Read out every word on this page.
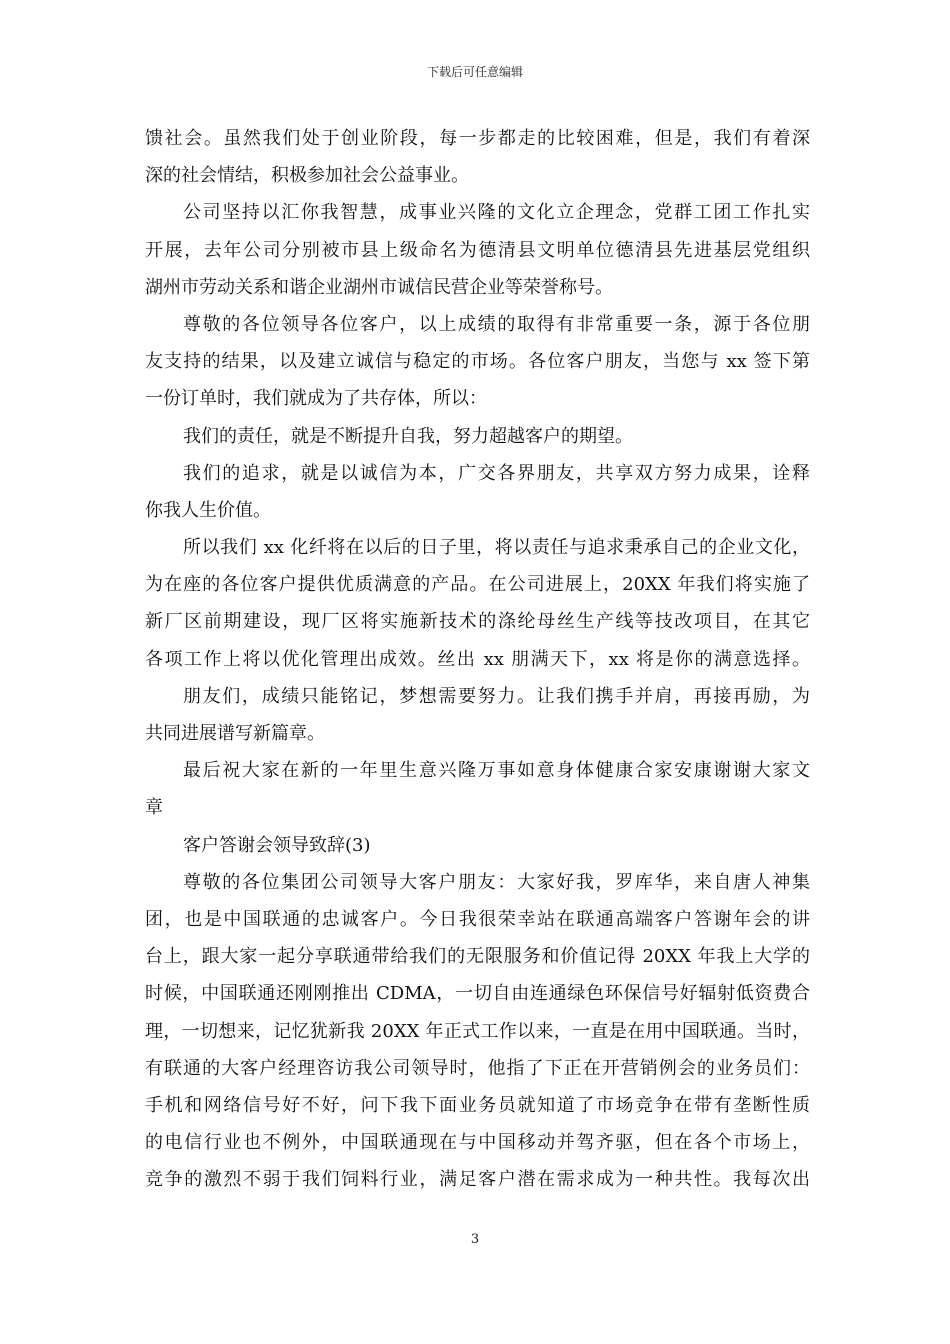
下载后可任意编辑
馈社会。虽然我们处于创业阶段，每一步都走的比较困难，但是，我们有着深
深的社会情结，积极参加社会公益事业。
公司坚持以汇你我智慧，成事业兴隆的文化立企理念，党群工团工作扎实
开展，去年公司分别被市县上级命名为德清县文明单位德清县先进基层党组织
湖州市劳动关系和谐企业湖州市诚信民营企业等荣誉称号。
尊敬的各位领导各位客户，以上成绩的取得有非常重要一条，源于各位朋
友支持的结果，以及建立诚信与稳定的市场。各位客户朋友，当您与 xx 签下第
一份订单时，我们就成为了共存体，所以：
我们的责任，就是不断提升自我，努力超越客户的期望。
我们的追求，就是以诚信为本，广交各界朋友，共享双方努力成果，诠释
你我人生价值。
所以我们 xx 化纤将在以后的日子里，将以责任与追求秉承自己的企业文化，
为在座的各位客户提供优质满意的产品。在公司进展上，20XX 年我们将实施了
新厂区前期建设，现厂区将实施新技术的涤纶母丝生产线等技改项目，在其它
各项工作上将以优化管理出成效。丝出 xx 朋满天下，xx 将是你的满意选择。
朋友们，成绩只能铭记，梦想需要努力。让我们携手并肩，再接再励，为
共同进展谱写新篇章。
最后祝大家在新的一年里生意兴隆万事如意身体健康合家安康谢谢大家文
章
客户答谢会领导致辞(3)
尊敬的各位集团公司领导大客户朋友：大家好我，罗库华，来自唐人神集
团，也是中国联通的忠诚客户。今日我很荣幸站在联通高端客户答谢年会的讲
台上，跟大家一起分享联通带给我们的无限服务和价值记得 20XX 年我上大学的
时候，中国联通还刚刚推出 CDMA，一切自由连通绿色环保信号好辐射低资费合
理，一切想来，记忆犹新我 20XX 年正式工作以来，一直是在用中国联通。当时，
有联通的大客户经理咨访我公司领导时，他指了下正在开营销例会的业务员们：
手机和网络信号好不好，问下我下面业务员就知道了市场竞争在带有垄断性质
的电信行业也不例外，中国联通现在与中国移动并驾齐驱，但在各个市场上，
竞争的激烈不弱于我们饲料行业，满足客户潜在需求成为一种共性。我每次出
3
